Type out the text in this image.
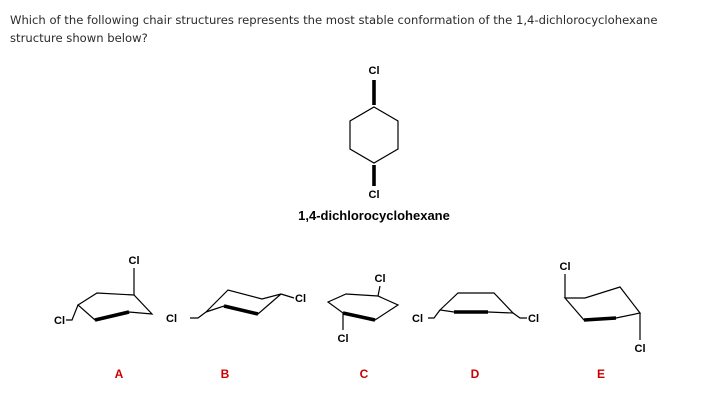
Which of the following chair structures represents the most stable conformation of the 1,4-dichlorocyclohexane structure shown below?

Cl
Cl
1,4-dichlorocyclohexane
Cl
Cl
A
Cl
Cl
B
Cl
Cl
C
Cl
Cl
D
Cl
Cl
E
